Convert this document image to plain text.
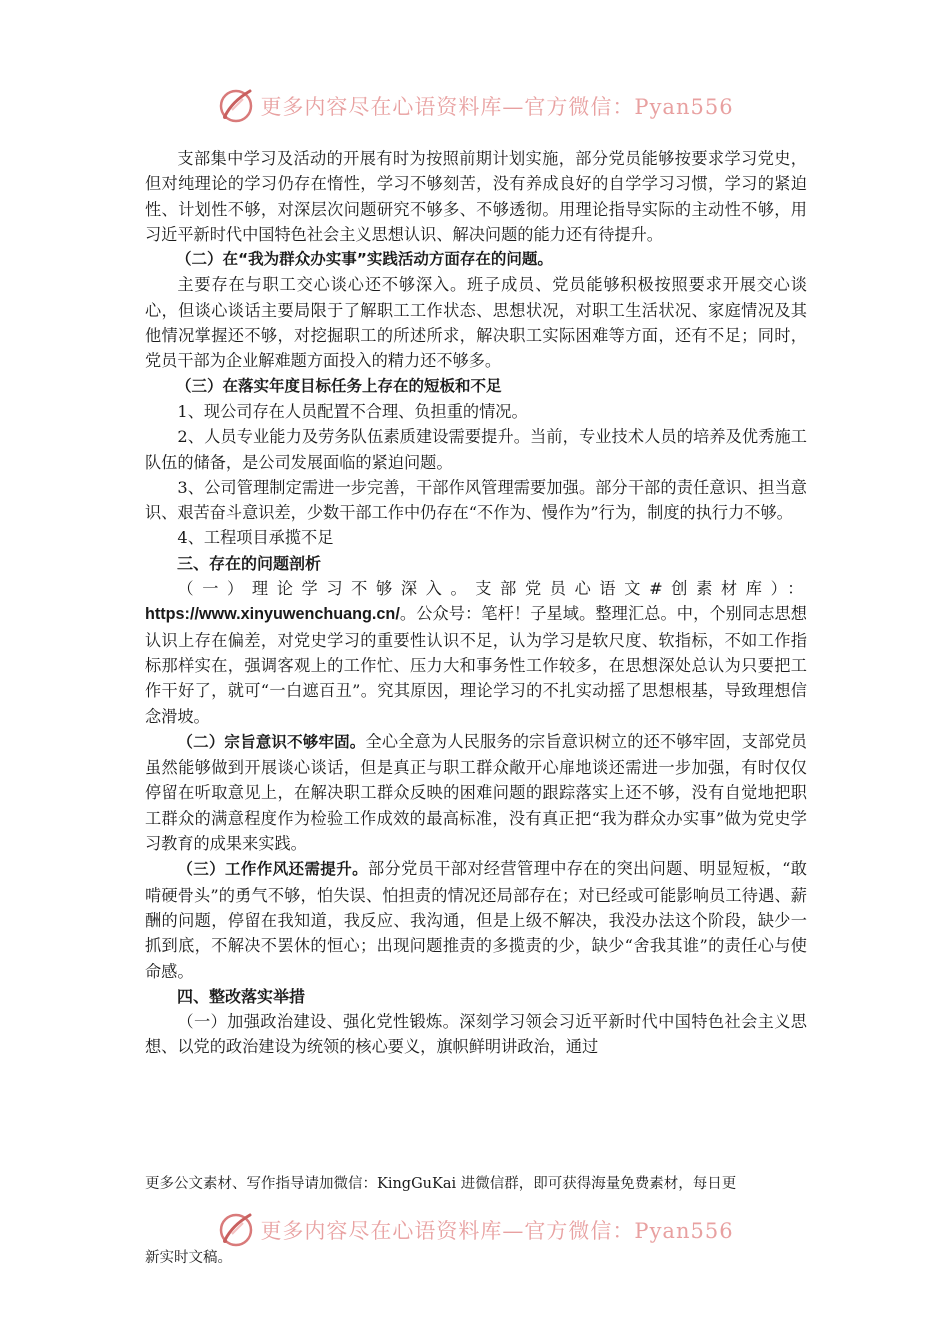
更多内容尽在心语资料库—官方微信：Pyan556

支部集中学习及活动的开展有时为按照前期计划实施，部分党员能够按要求学习党史，但对纯理论的学习仍存在惰性，学习不够刻苦，没有养成良好的自学学习习惯，学习的紧迫性、计划性不够，对深层次问题研究不够多、不够透彻。用理论指导实际的主动性不够，用习近平新时代中国特色社会主义思想认识、解决问题的能力还有待提升。

（二）在“我为群众办实事”实践活动方面存在的问题。

主要存在与职工交心谈心还不够深入。班子成员、党员能够积极按照要求开展交心谈心，但谈心谈话主要局限于了解职工工作状态、思想状况，对职工生活状况、家庭情况及其他情况掌握还不够，对挖掘职工的所述所求，解决职工实际困难等方面，还有不足；同时，党员干部为企业解难题方面投入的精力还不够多。

（三）在落实年度目标任务上存在的短板和不足

1、现公司存在人员配置不合理、负担重的情况。

2、人员专业能力及劳务队伍素质建设需要提升。当前，专业技术人员的培养及优秀施工队伍的储备，是公司发展面临的紧迫问题。

3、公司管理制定需进一步完善，干部作风管理需要加强。部分干部的责任意识、担当意识、艰苦奋斗意识差，少数干部工作中仍存在“不作为、慢作为”行为，制度的执行力不够。

4、工程项目承揽不足

三、存在的问题剖析

（一）理论学习不够深入。支部党员心语文#创素材库）：https://www.xinyuwenchuang.cn/。公众号：笔杆！子星域。整理汇总。中，个别同志思想认识上存在偏差，对党史学习的重要性认识不足，认为学习是软尺度、软指标，不如工作指标那样实在，强调客观上的工作忙、压力大和事务性工作较多，在思想深处总认为只要把工作干好了，就可“一白遮百丑”。究其原因，理论学习的不扎实动摇了思想根基，导致理想信念滑坡。

（二）宗旨意识不够牢固。全心全意为人民服务的宗旨意识树立的还不够牢固，支部党员虽然能够做到开展谈心谈话，但是真正与职工群众敞开心扉地谈还需进一步加强，有时仅仅停留在听取意见上，在解决职工群众反映的困难问题的跟踪落实上还不够，没有自觉地把职工群众的满意程度作为检验工作成效的最高标准，没有真正把“我为群众办实事”做为党史学习教育的成果来实践。

（三）工作作风还需提升。部分党员干部对经营管理中存在的突出问题、明显短板，“敢啃硬骨头”的勇气不够，怕失误、怕担责的情况还局部存在；对已经或可能影响员工待遇、薪酬的问题，停留在我知道，我反应、我沟通，但是上级不解决，我没办法这个阶段，缺少一抓到底，不解决不罢休的恒心；出现问题推责的多揽责的少，缺少“舍我其谁”的责任心与使命感。

四、整改落实举措

（一）加强政治建设、强化党性锻炼。深刻学习领会习近平新时代中国特色社会主义思想、以党的政治建设为统领的核心要义，旗帜鲜明讲政治，通过

更多公文素材、写作指导请加微信：KingGuKai 进微信群，即可获得海量免费素材，每日更
更多内容尽在心语资料库—官方微信：Pyan556
新实时文稿。
